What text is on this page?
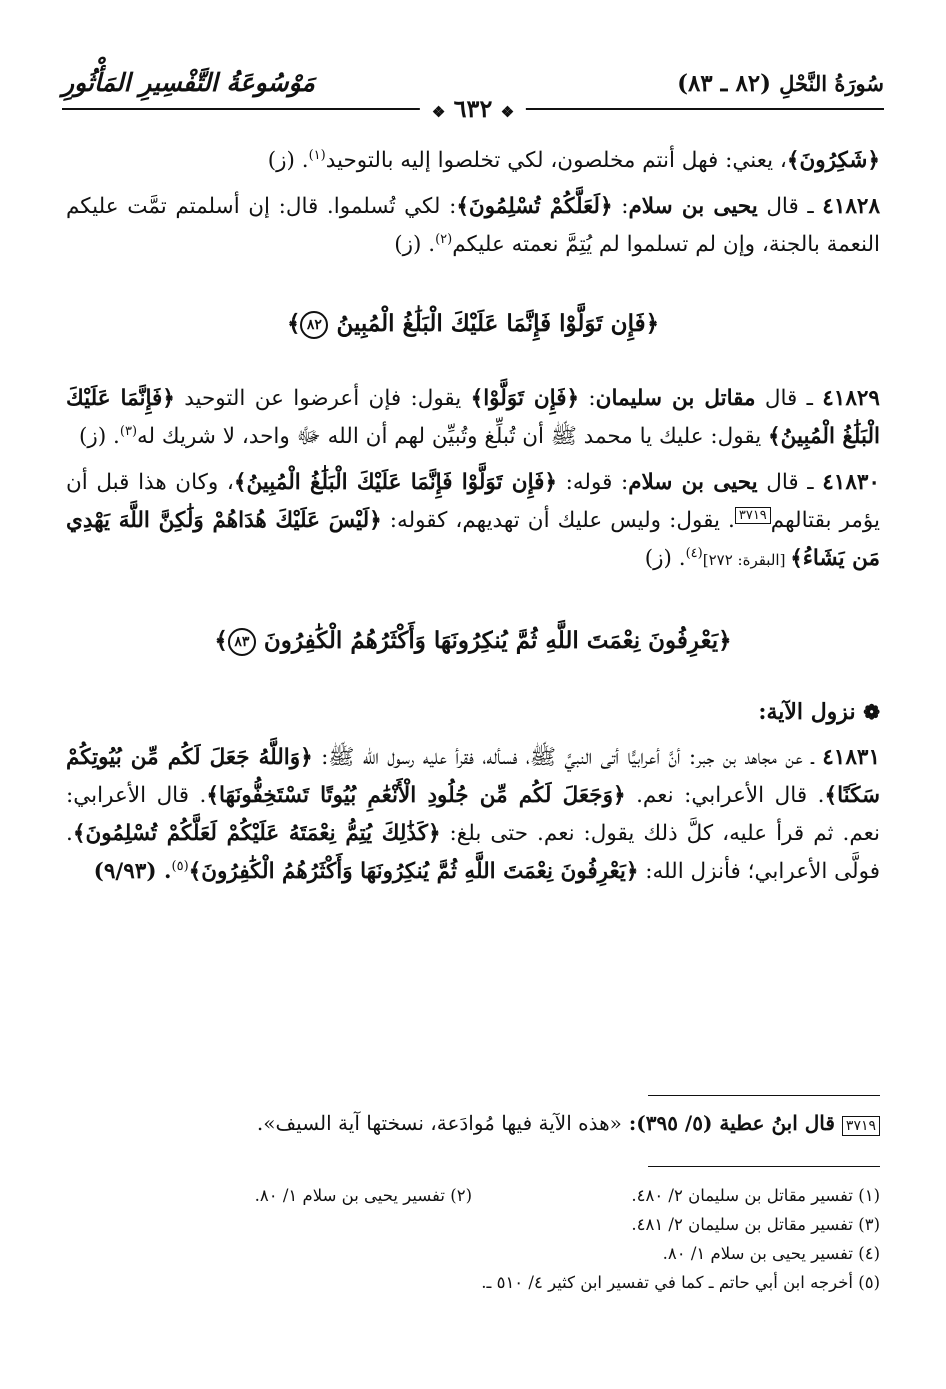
سُورَةُ النَّحْلِ (٨٢ ـ ٨٣)
مَوْسُوعَةُ التَّفْسِيرِ المَأْثُورِ
❖ ٦٣٢ ❖

﴿شَكِرُونَ﴾، يعني: فهل أنتم مخلصون، لكي تخلصوا إليه بالتوحيد$^{(١)}$. (ز)

٤١٨٢٨ ـ قال يحيى بن سلام: ﴿لَعَلَّكُمْ تُسْلِمُونَ﴾: لكي تُسلموا. قال: إن أسلمتم تمَّت عليكم النعمة بالجنة، وإن لم تسلموا لم يُتِمَّ نعمته عليكم$^{(٢)}$. (ز)

﴿فَإِن تَوَلَّوْا فَإِنَّمَا عَلَيْكَ الْبَلَٰغُ الْمُبِينُ ٨٢﴾

٤١٨٢٩ ـ قال مقاتل بن سليمان: ﴿فَإِن تَوَلَّوْا﴾ يقول: فإن أعرضوا عن التوحيد ﴿فَإِنَّمَا عَلَيْكَ الْبَلَٰغُ الْمُبِينُ﴾ يقول: عليك يا محمد ﷺ أن تُبلِّغ وتُبيِّن لهم أن الله ﷻ واحد، لا شريك له$^{(٣)}$. (ز)

٤١٨٣٠ ـ قال يحيى بن سلام: قوله: ﴿فَإِن تَوَلَّوْا فَإِنَّمَا عَلَيْكَ الْبَلَٰغُ الْمُبِينُ﴾، وكان هذا قبل أن يؤمر بقتالهم٣٧١٩. يقول: وليس عليك أن تهديهم، كقوله: ﴿لَيْسَ عَلَيْكَ هُدَاهُمْ وَلَٰكِنَّ اللَّهَ يَهْدِي مَن يَشَاءُ﴾ [البقرة: ٢٧٢]$^{(٤)}$. (ز)

﴿يَعْرِفُونَ نِعْمَتَ اللَّهِ ثُمَّ يُنكِرُونَهَا وَأَكْثَرُهُمُ الْكَٰفِرُونَ ٨٣﴾
❁ نزول الآية:

٤١٨٣١ ـ عن مجاهد بن جبر: أنَّ أعرابيًّا أتى النبيَّ ﷺ، فسأله، فقرأ عليه رسول الله ﷺ: ﴿وَاللَّهُ جَعَلَ لَكُم مِّن بُيُوتِكُمْ سَكَنًا﴾. قال الأعرابي: نعم. ﴿وَجَعَلَ لَكُم مِّن جُلُودِ الْأَنْعَٰمِ بُيُوتًا تَسْتَخِفُّونَهَا﴾. قال الأعرابي: نعم. ثم قرأ عليه، كلَّ ذلك يقول: نعم. حتى بلغ: ﴿كَذَٰلِكَ يُتِمُّ نِعْمَتَهُ عَلَيْكُمْ لَعَلَّكُمْ تُسْلِمُونَ﴾. فولَّى الأعرابي؛ فأنزل الله: ﴿يَعْرِفُونَ نِعْمَتَ اللَّهِ ثُمَّ يُنكِرُونَهَا وَأَكْثَرُهُمُ الْكَٰفِرُونَ﴾$^{(٥)}$. (٩/٩٣)

٣٧١٩ قال ابنُ عطية (٥/ ٣٩٥): «هذه الآية فيها مُوادَعة، نسختها آية السيف».
(١) تفسير مقاتل بن سليمان ٢/ ٤٨٠.
(٢) تفسير يحيى بن سلام ١/ ٨٠.
(٣) تفسير مقاتل بن سليمان ٢/ ٤٨١.
(٤) تفسير يحيى بن سلام ١/ ٨٠.
(٥) أخرجه ابن أبي حاتم ـ كما في تفسير ابن كثير ٤/ ٥١٠ ـ.
